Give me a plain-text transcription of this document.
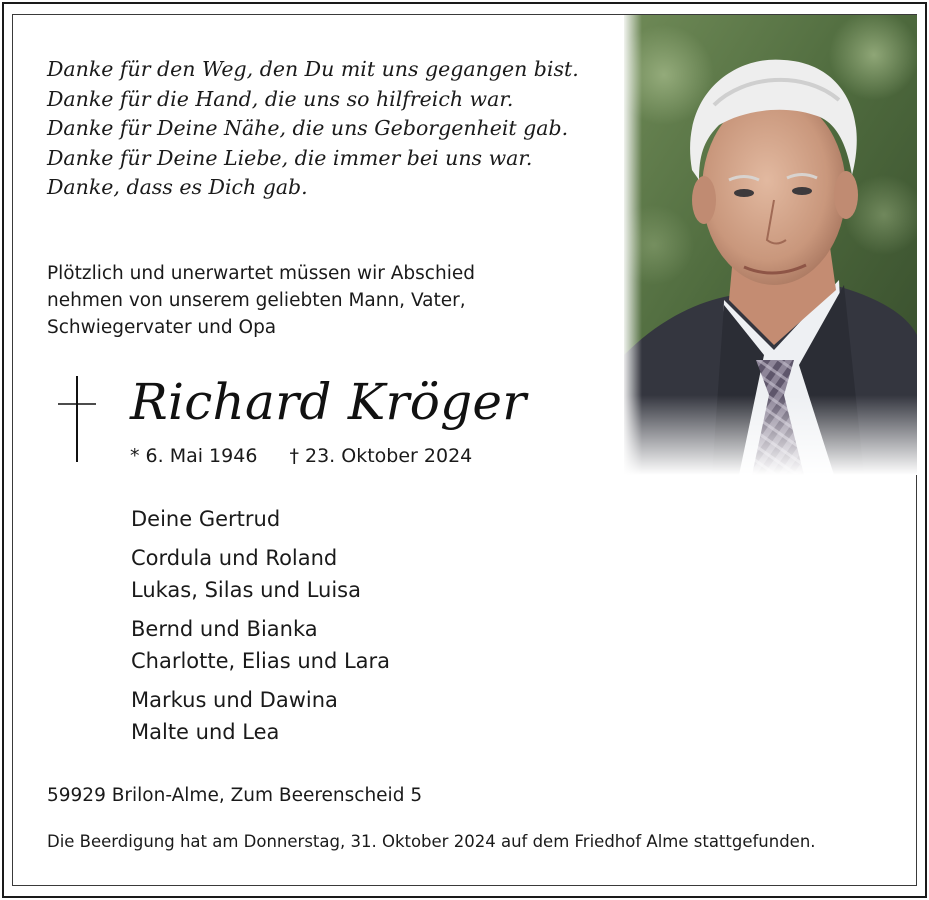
Danke für den Weg, den Du mit uns gegangen bist.
Danke für die Hand, die uns so hilfreich war.
Danke für Deine Nähe, die uns Geborgenheit gab.
Danke für Deine Liebe, die immer bei uns war.
Danke, dass es Dich gab.
Plötzlich und unerwartet müssen wir Abschied
nehmen von unserem geliebten Mann, Vater,
Schwiegervater und Opa
Richard Kröger
* 6. Mai 1946 † 23. Oktober 2024
Deine Gertrud
Cordula und Roland
Lukas, Silas und Luisa
Bernd und Bianka
Charlotte, Elias und Lara
Markus und Dawina
Malte und Lea
59929 Brilon-Alme, Zum Beerenscheid 5
Die Beerdigung hat am Donnerstag, 31. Oktober 2024 auf dem Friedhof Alme stattgefunden.
